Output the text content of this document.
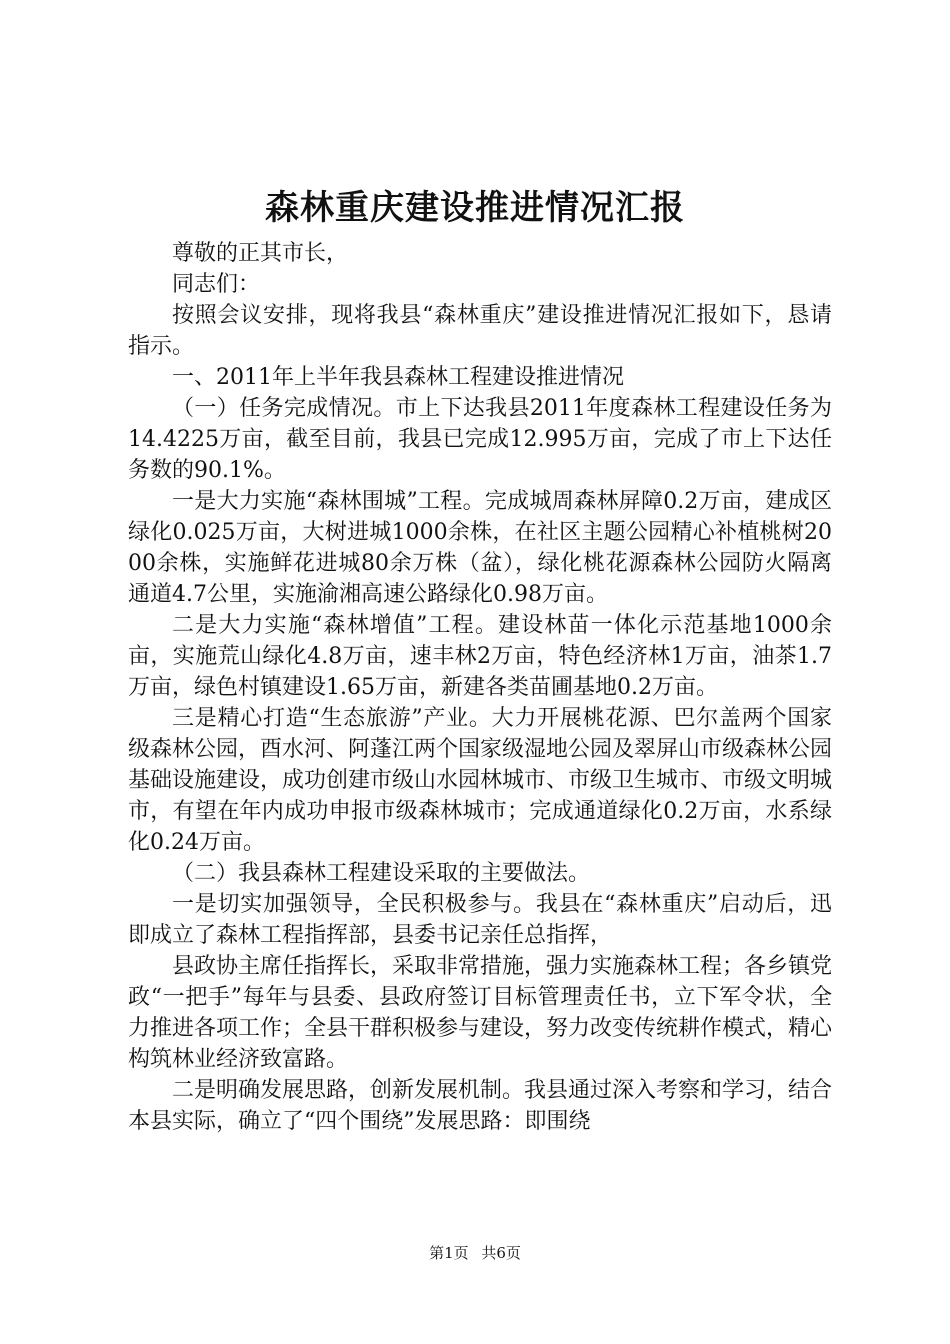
森林重庆建设推进情况汇报

尊敬的正其市长，

同志们：

按照会议安排，现将我县“森林重庆”建设推进情况汇报如下，恳请指示。

一、2011年上半年我县森林工程建设推进情况

（一）任务完成情况。市上下达我县2011年度森林工程建设任务为14.4225万亩，截至目前，我县已完成12.995万亩，完成了市上下达任务数的90.1%。

一是大力实施“森林围城”工程。完成城周森林屏障0.2万亩，建成区绿化0.025万亩，大树进城1000余株，在社区主题公园精心补植桃树2000余株，实施鲜花进城80余万株（盆），绿化桃花源森林公园防火隔离通道4.7公里，实施渝湘高速公路绿化0.98万亩。

二是大力实施“森林增值”工程。建设林苗一体化示范基地1000余亩，实施荒山绿化4.8万亩，速丰林2万亩，特色经济林1万亩，油茶1.7万亩，绿色村镇建设1.65万亩，新建各类苗圃基地0.2万亩。

三是精心打造“生态旅游”产业。大力开展桃花源、巴尔盖两个国家级森林公园，酉水河、阿蓬江两个国家级湿地公园及翠屏山市级森林公园基础设施建设，成功创建市级山水园林城市、市级卫生城市、市级文明城市，有望在年内成功申报市级森林城市；完成通道绿化0.2万亩，水系绿化0.24万亩。

（二）我县森林工程建设采取的主要做法。

一是切实加强领导，全民积极参与。我县在“森林重庆”启动后，迅即成立了森林工程指挥部，县委书记亲任总指挥，

县政协主席任指挥长，采取非常措施，强力实施森林工程；各乡镇党政“一把手”每年与县委、县政府签订目标管理责任书，立下军令状，全力推进各项工作；全县干群积极参与建设，努力改变传统耕作模式，精心构筑林业经济致富路。

二是明确发展思路，创新发展机制。我县通过深入考察和学习，结合本县实际，确立了“四个围绕”发展思路：即围绕

第1页 共6页
